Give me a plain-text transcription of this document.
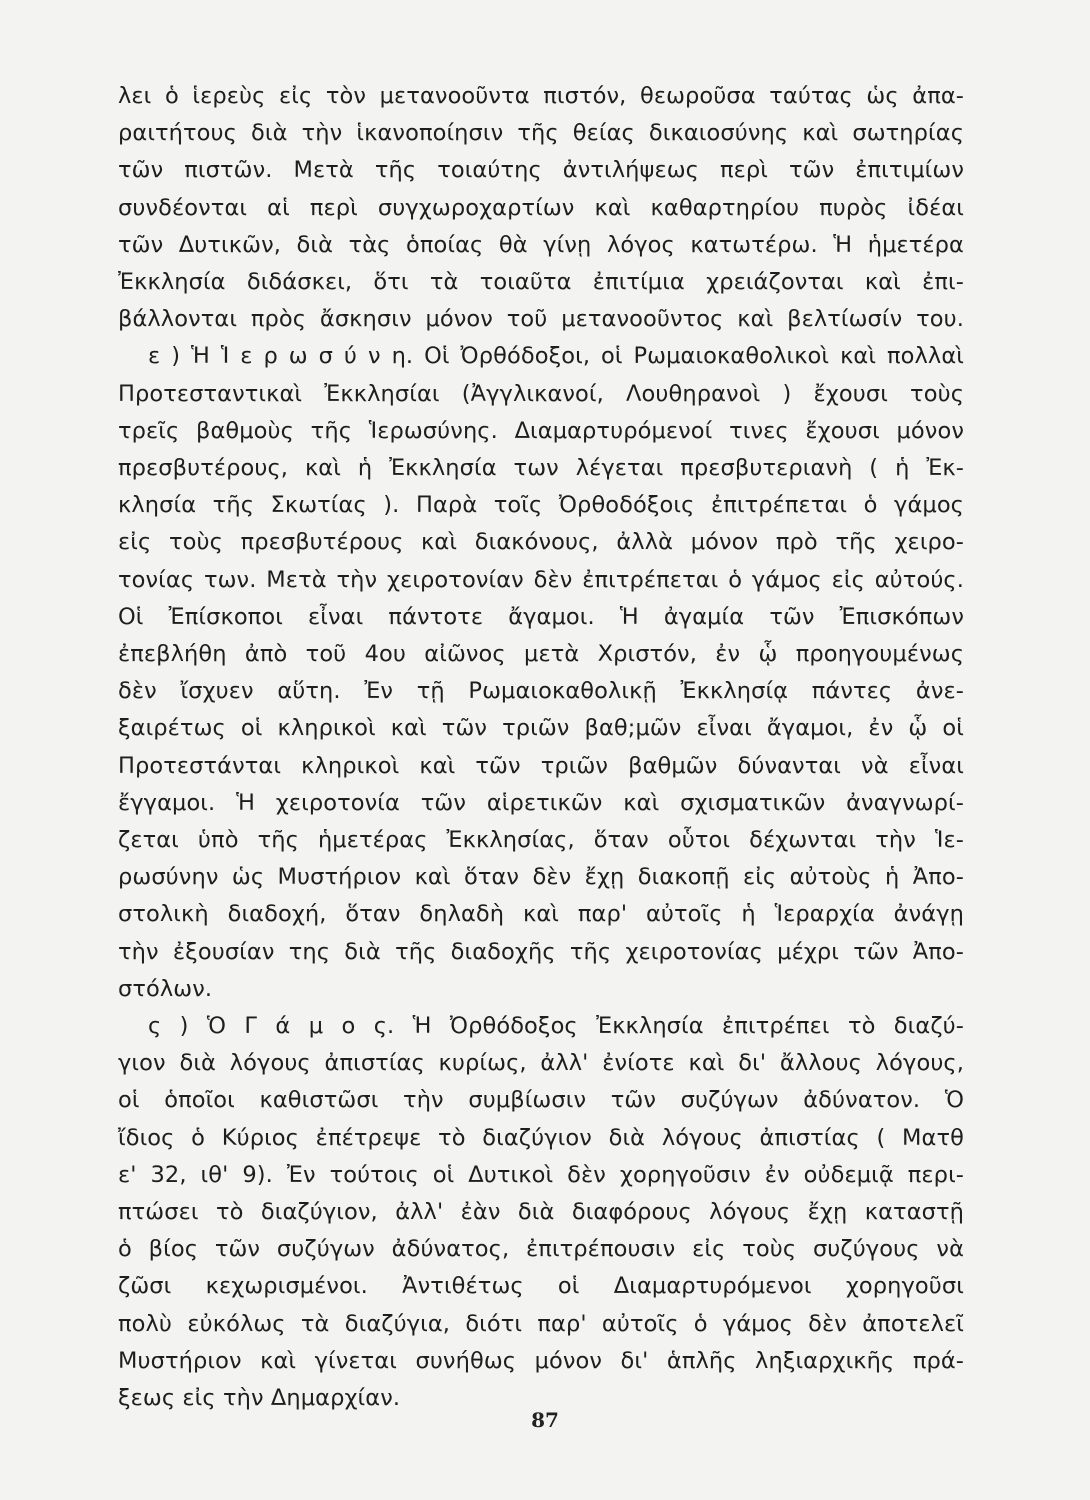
λει ὁ ἱερεὺς εἰς τὸν μετανοοῦντα πιστόν, θεωροῦσα ταύτας ὡς ἀπα-
ραιτήτους διὰ τὴν ἱκανοποίησιν τῆς θείας δικαιοσύνης καὶ σωτηρίας
τῶν πιστῶν. Μετὰ τῆς τοιαύτης ἀντιλήψεως περὶ τῶν ἐπιτιμίων
συνδέονται αἱ περὶ συγχωροχαρτίων καὶ καθαρτηρίου πυρὸς ἰδέαι
τῶν Δυτικῶν, διὰ τὰς ὁποίας θὰ γίνῃ λόγος κατωτέρω. Ἡ ἡμετέρα
Ἐκκλησία διδάσκει, ὅτι τὰ τοιαῦτα ἐπιτίμια χρειάζονται καὶ ἐπι-
βάλλονται πρὸς ἄσκησιν μόνον τοῦ μετανοοῦντος καὶ βελτίωσίν του.
ε ) Ἡ Ἱ ε ρ ω σ ύ ν η. Οἱ Ὀρθόδοξοι, οἱ Ρωμαιοκαθολικοὶ καὶ πολλαὶ
Προτεσταντικαὶ Ἐκκλησίαι (Ἀγγλικανοί, Λουθηρανοὶ ) ἔχουσι τοὺς
τρεῖς βαθμοὺς τῆς Ἱερωσύνης. Διαμαρτυρόμενοί τινες ἔχουσι μόνον
πρεσβυτέρους, καὶ ἡ Ἐκκλησία των λέγεται πρεσβυτεριανὴ ( ἡ Ἐκ-
κλησία τῆς Σκωτίας ). Παρὰ τοῖς Ὀρθοδόξοις ἐπιτρέπεται ὁ γάμος
εἰς τοὺς πρεσβυτέρους καὶ διακόνους, ἀλλὰ μόνον πρὸ τῆς χειρο-
τονίας των. Μετὰ τὴν χειροτονίαν δὲν ἐπιτρέπεται ὁ γάμος εἰς αὐτούς.
Οἱ Ἐπίσκοποι εἶναι πάντοτε ἄγαμοι. Ἡ ἀγαμία τῶν Ἐπισκόπων
ἐπεβλήθη ἀπὸ τοῦ 4ου αἰῶνος μετὰ Χριστόν, ἐν ᾧ προηγουμένως
δὲν ἴσχυεν αὕτη. Ἐν τῇ Ρωμαιοκαθολικῇ Ἐκκλησίᾳ πάντες ἀνε-
ξαιρέτως οἱ κληρικοὶ καὶ τῶν τριῶν βαθ;μῶν εἶναι ἄγαμοι, ἐν ᾧ οἱ
Προτεστάνται κληρικοὶ καὶ τῶν τριῶν βαθμῶν δύνανται νὰ εἶναι
ἔγγαμοι. Ἡ χειροτονία τῶν αἱρετικῶν καὶ σχισματικῶν ἀναγνωρί-
ζεται ὑπὸ τῆς ἡμετέρας Ἐκκλησίας, ὅταν οὗτοι δέχωνται τὴν Ἱε-
ρωσύνην ὡς Μυστήριον καὶ ὅταν δὲν ἔχῃ διακοπῇ εἰς αὐτοὺς ἡ Ἀπο-
στολικὴ διαδοχή, ὅταν δηλαδὴ καὶ παρ' αὐτοῖς ἡ Ἱεραρχία ἀνάγῃ
τὴν ἐξουσίαν της διὰ τῆς διαδοχῆς τῆς χειροτονίας μέχρι τῶν Ἀπο-
στόλων.
ς ) Ὁ Γ ά μ ο ς. Ἡ Ὀρθόδοξος Ἐκκλησία ἐπιτρέπει τὸ διαζύ-
γιον διὰ λόγους ἀπιστίας κυρίως, ἀλλ' ἐνίοτε καὶ δι' ἄλλους λόγους,
οἱ ὁποῖοι καθιστῶσι τὴν συμβίωσιν τῶν συζύγων ἀδύνατον. Ὁ
ἴδιος ὁ Κύριος ἐπέτρεψε τὸ διαζύγιον διὰ λόγους ἀπιστίας ( Ματθ
ε' 32, ιθ' 9). Ἐν τούτοις οἱ Δυτικοὶ δὲν χορηγοῦσιν ἐν οὐδεμιᾷ περι-
πτώσει τὸ διαζύγιον, ἀλλ' ἐὰν διὰ διαφόρους λόγους ἔχῃ καταστῇ
ὁ βίος τῶν συζύγων ἀδύνατος, ἐπιτρέπουσιν εἰς τοὺς συζύγους νὰ
ζῶσι κεχωρισμένοι. Ἀντιθέτως οἱ Διαμαρτυρόμενοι χορηγοῦσι
πολὺ εὐκόλως τὰ διαζύγια, διότι παρ' αὐτοῖς ὁ γάμος δὲν ἀποτελεῖ
Μυστήριον καὶ γίνεται συνήθως μόνον δι' ἁπλῆς ληξιαρχικῆς πρά-
ξεως εἰς τὴν Δημαρχίαν.
87
